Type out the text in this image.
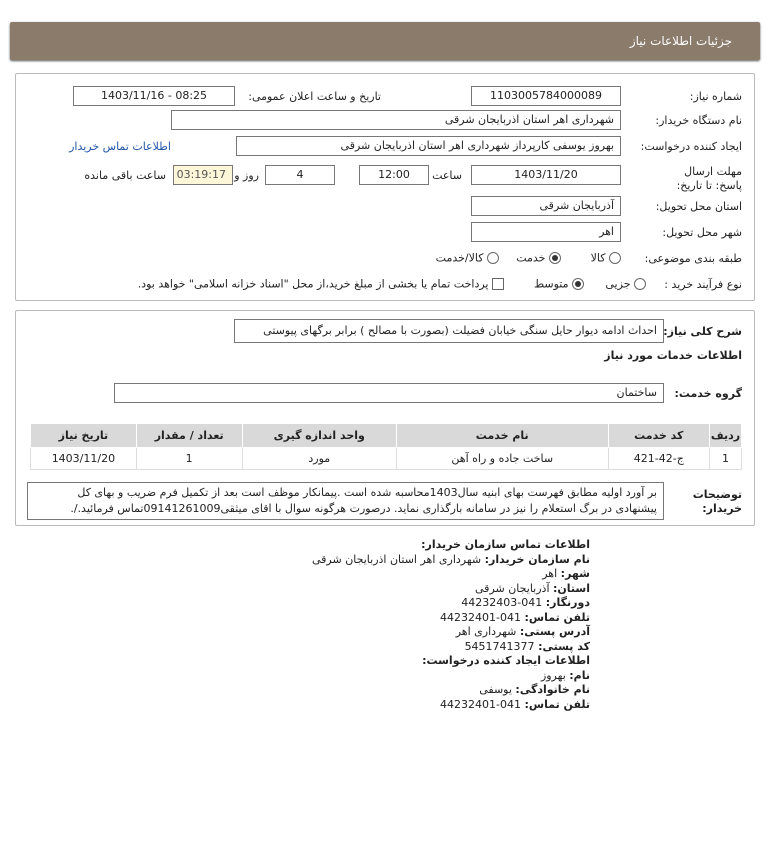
جزئیات اطلاعات نیاز
شماره نیاز:
1103005784000089
تاریخ و ساعت اعلان عمومی:
1403/11/16 - 08:25
نام دستگاه خریدار:
شهرداری اهر استان اذربایجان شرقی
ایجاد کننده درخواست:
بهروز یوسفی کارپرداز شهرداری اهر استان اذربایجان شرقی
اطلاعات تماس خریدار
مهلت ارسال پاسخ: تا تاریخ:
1403/11/20
ساعت
12:00
4
روز و
03:19:17
ساعت باقی مانده
استان محل تحویل:
آذربایجان شرقی
شهر محل تحویل:
اهر
طبقه بندی موضوعی:
کالا
خدمت
کالا/خدمت
نوع فرآیند خرید :
جزیی
متوسط
پرداخت تمام یا بخشی از مبلغ خرید،از محل "اسناد خزانه اسلامی" خواهد بود.
شرح کلی نیاز:
احداث ادامه دیوار حایل سنگی خیابان فضیلت (بصورت با مصالح ) برابر برگهای پیوستی
اطلاعات خدمات مورد نیاز
گروه خدمت:
ساختمان
ردیف	کد خدمت	نام خدمت	واحد اندازه گیری	تعداد / مقدار	تاریخ نیاز
1	ج-42-421	ساخت جاده و راه آهن	مورد	1	1403/11/20
توضیحات خریدار:
بر آورد اولیه مطابق فهرست بهای ابنیه سال1403محاسبه شده است .پیمانکار موظف است بعد از تکمیل فرم ضریب و بهای کل پیشنهادی در برگ استعلام را نیز در سامانه بارگذاری نماید. درصورت هرگونه سوال با اقای میثقی09141261009تماس فرمائید./.
اطلاعات تماس سازمان خریدار:
نام سازمان خریدار: شهرداری اهر استان اذربایجان شرقی
شهر: اهر
استان: آذربایجان شرقی
دورنگار: 041-44232403
تلفن تماس: 041-44232401
آدرس پستی: شهرداری اهر
کد پستی: 5451741377
اطلاعات ایجاد کننده درخواست:
نام: بهروز
نام خانوادگی: یوسفی
تلفن تماس: 041-44232401
